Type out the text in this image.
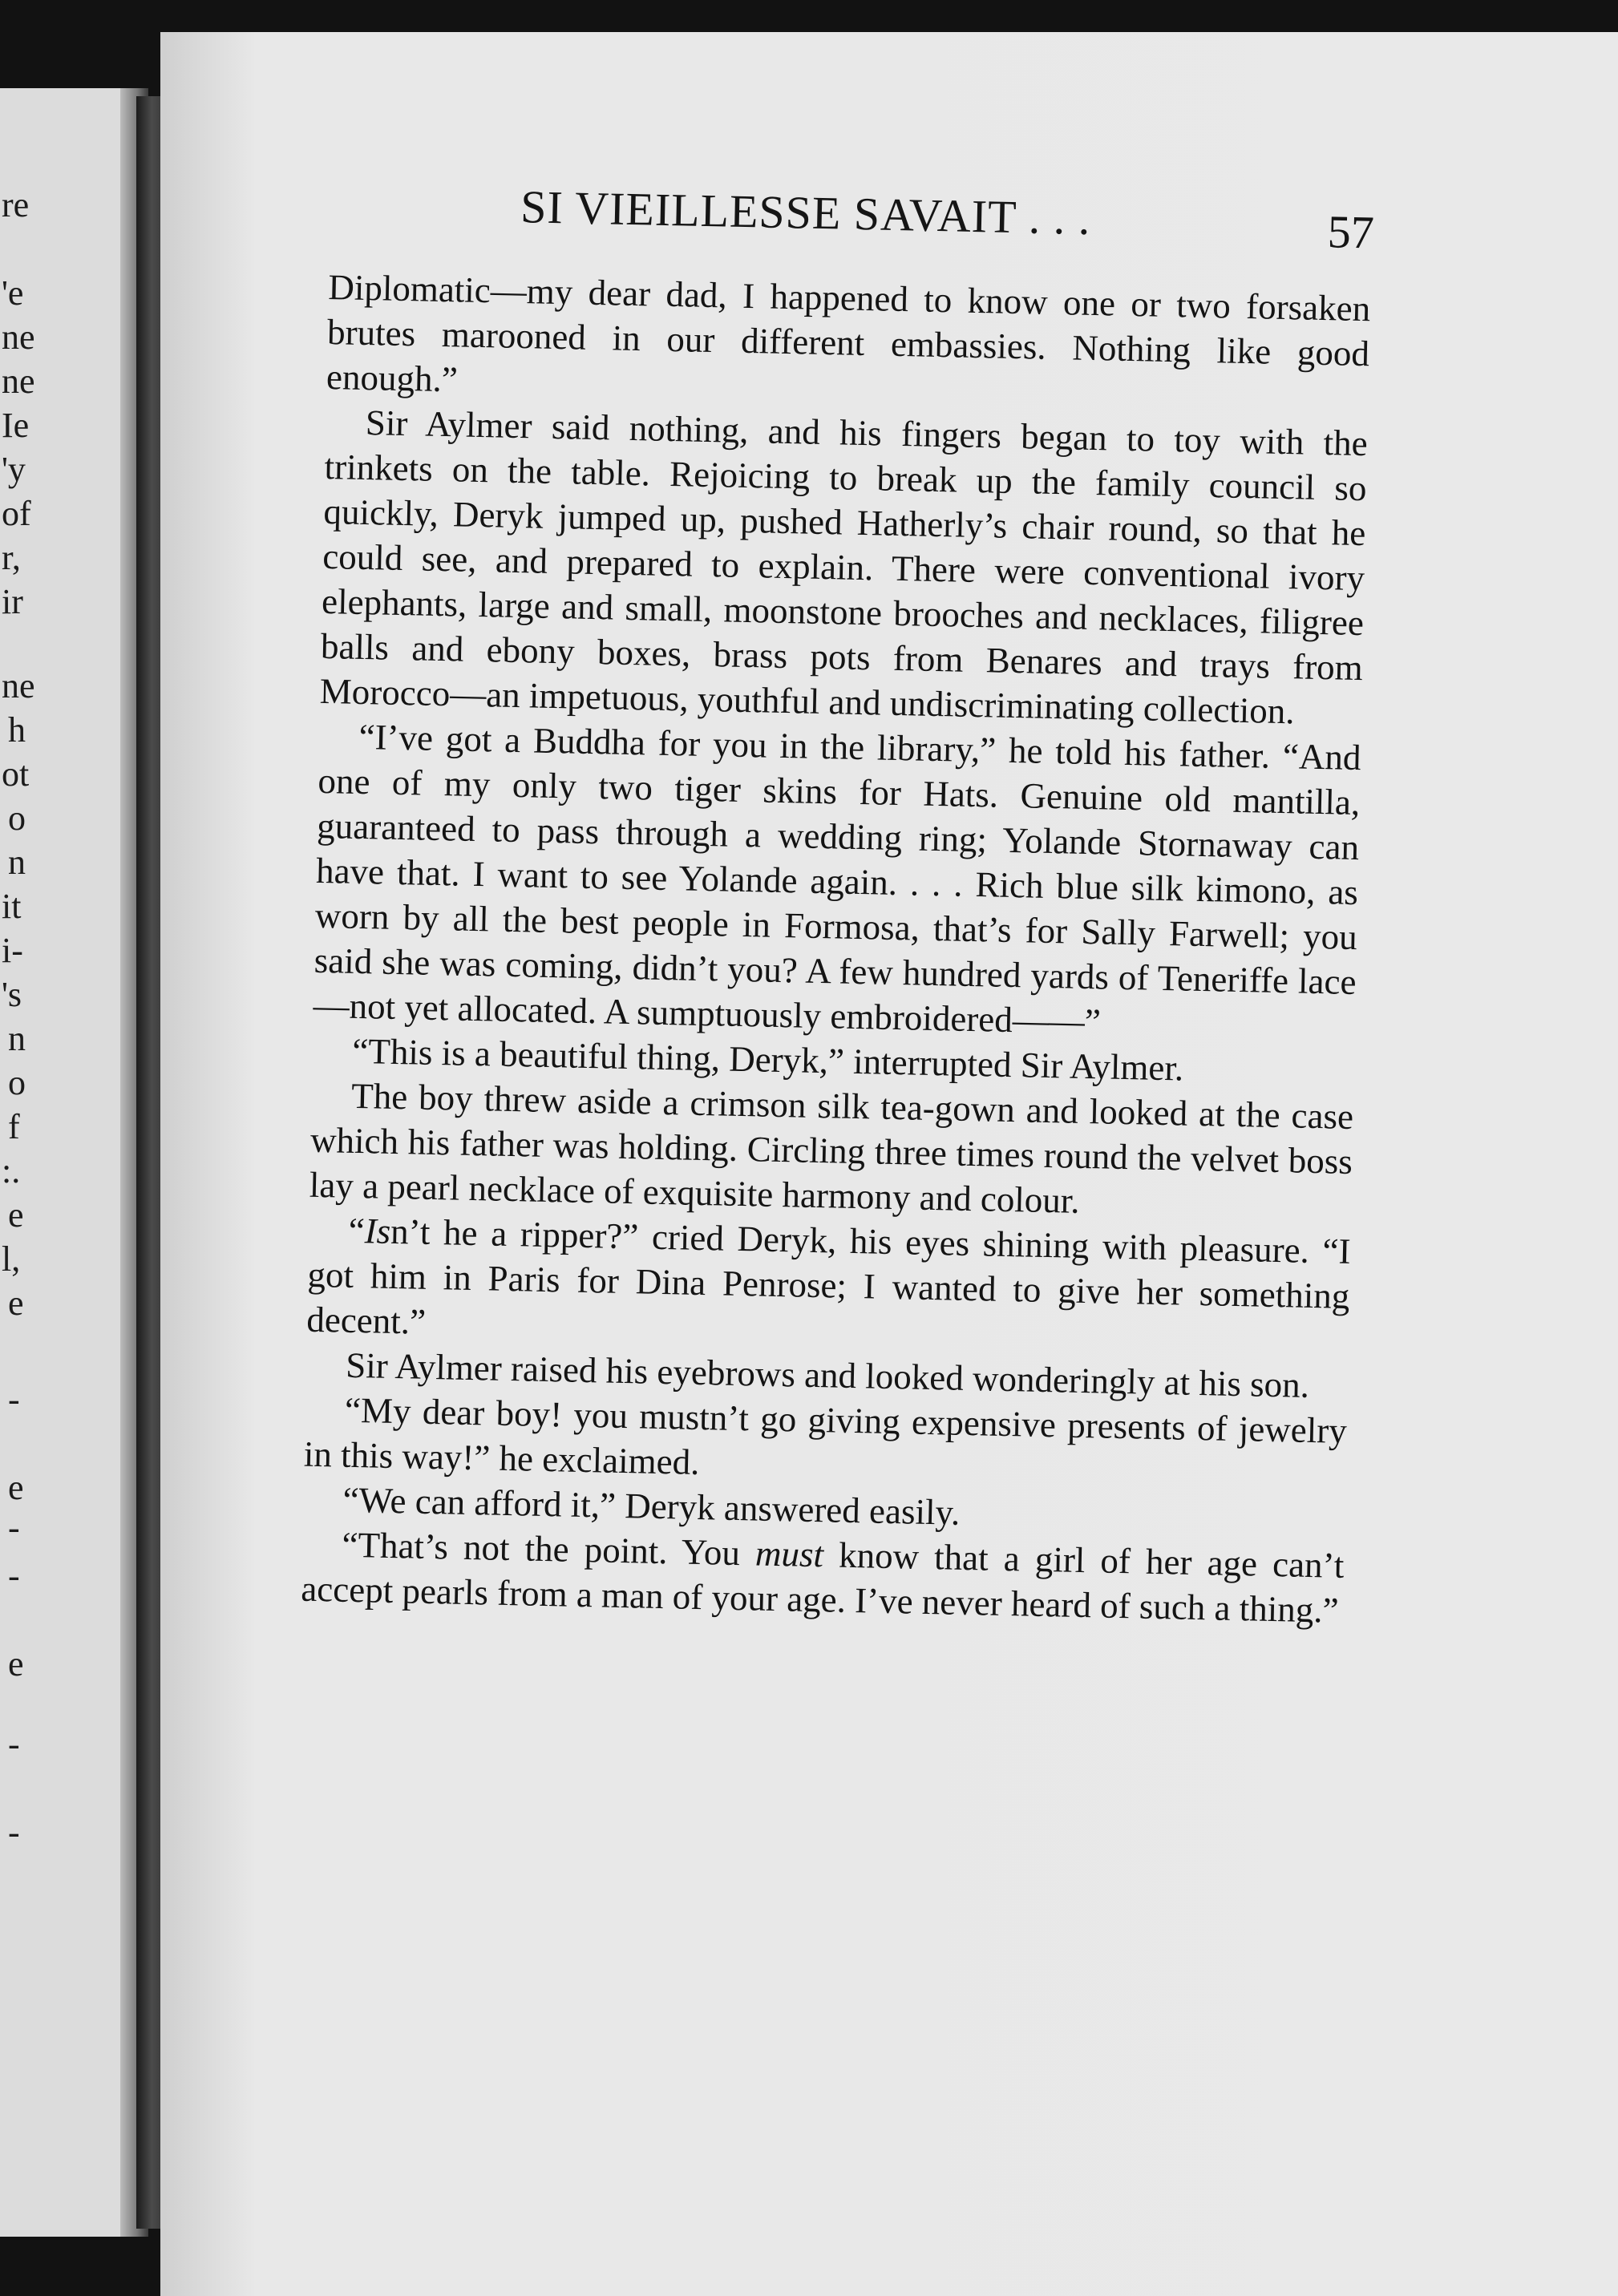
re
'e
ne
ne
Ie
'y
of
r,
ir
ne
h
ot
o
n
it
i-
's
n
o
f
:.
e
l,
e
-
e
-
-
e
-
-
SI VIEILLESSE SAVAIT . . .	57

Diplomatic—my dear dad, I happened to know one or two forsaken brutes marooned in our different embassies. Nothing like good enough.”

Sir Aylmer said nothing, and his fingers began to toy with the trinkets on the table. Rejoicing to break up the family council so quickly, Deryk jumped up, pushed Hatherly’s chair round, so that he could see, and prepared to explain. There were conventional ivory elephants, large and small, moonstone brooches and necklaces, filigree balls and ebony boxes, brass pots from Benares and trays from Morocco—an impetuous, youthful and undiscriminating collection.

“I’ve got a Buddha for you in the library,” he told his father. “And one of my only two tiger skins for Hats. Genuine old mantilla, guaranteed to pass through a wedding ring; Yolande Stornaway can have that. I want to see Yolande again. . . . Rich blue silk kimono, as worn by all the best people in Formosa, that’s for Sally Farwell; you said she was coming, didn’t you? A few hundred yards of Teneriffe lace—not yet allocated. A sumptuously embroidered——”

“This is a beautiful thing, Deryk,” interrupted Sir Aylmer.

The boy threw aside a crimson silk tea-gown and looked at the case which his father was holding. Circling three times round the velvet boss lay a pearl necklace of exquisite harmony and colour.

“Isn’t he a ripper?” cried Deryk, his eyes shining with pleasure. “I got him in Paris for Dina Penrose; I wanted to give her something decent.”

Sir Aylmer raised his eyebrows and looked wonderingly at his son.

“My dear boy! you mustn’t go giving expensive presents of jewelry in this way!” he exclaimed.

“We can afford it,” Deryk answered easily.

“That’s not the point. You must know that a girl of her age can’t accept pearls from a man of your age. I’ve never heard of such a thing.”
